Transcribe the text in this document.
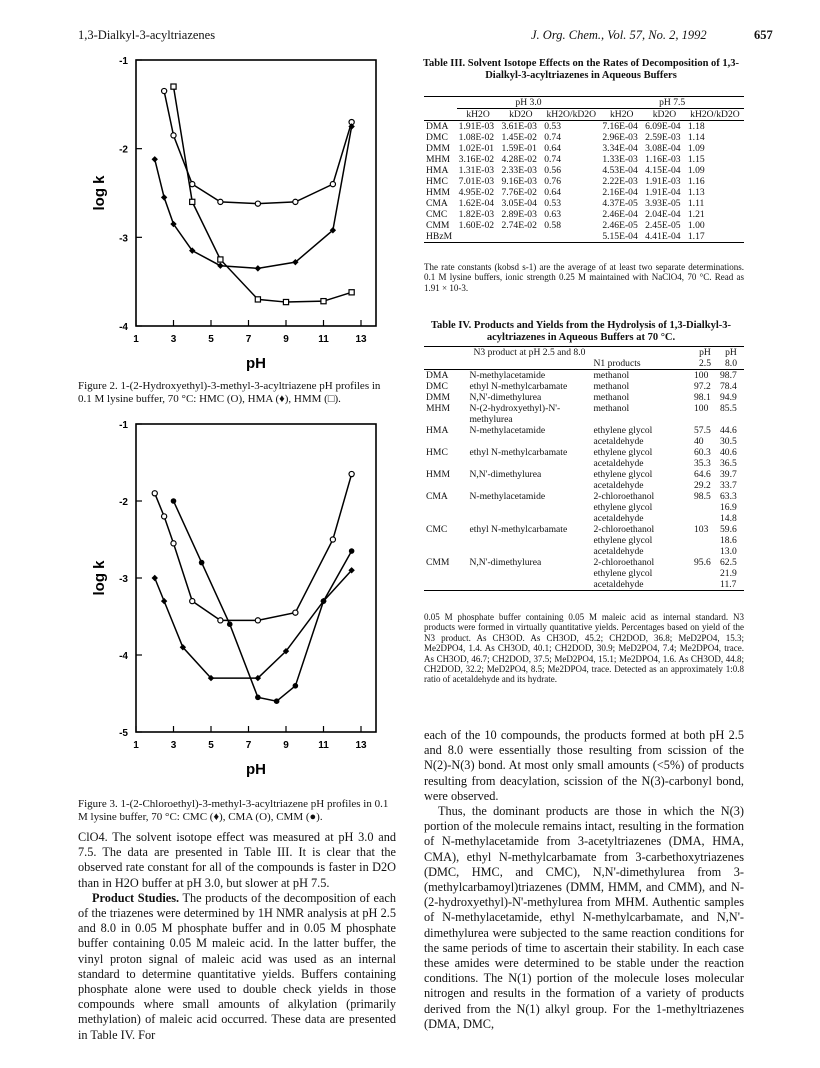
1,3-Dialkyl-3-acyltriazenes	J. Org. Chem., Vol. 57, No. 2, 1992	657
1	3	5	7	9	11	13
-1
-2
-3
-4
pH
log k
Figure 2. 1-(2-Hydroxyethyl)-3-methyl-3-acyltriazene pH profiles in 0.1 M lysine buffer, 70 °C: HMC (O), HMA (♦), HMM (□).
1	3	5	7	9	11	13
-1
-2
-3
-4
-5
pH
log k
Figure 3. 1-(2-Chloroethyl)-3-methyl-3-acyltriazene pH profiles in 0.1 M lysine buffer, 70 °C: CMC (♦), CMA (O), CMM (●).

ClO4. The solvent isotope effect was measured at pH 3.0 and 7.5. The data are presented in Table III. It is clear that the observed rate constant for all of the compounds is faster in D2O than in H2O buffer at pH 3.0, but slower at pH 7.5.

Product Studies. The products of the decomposition of each of the triazenes were determined by 1H NMR analysis at pH 2.5 and 8.0 in 0.05 M phosphate buffer and in 0.05 M phosphate buffer containing 0.05 M maleic acid. In the latter buffer, the vinyl proton signal of maleic acid was used as an internal standard to determine quantitative yields. Buffers containing phosphate alone were used to double check yields in those compounds where small amounts of alkylation (primarily methylation) of maleic acid occurred. These data are presented in Table IV. For

Table III. Solvent Isotope Effects on the Rates of Decomposition of 1,3-Dialkyl-3-acyltriazenes in Aqueous Buffers
	pH 3.0			pH 7.5		
	kH2O	kD2O	kH2O/kD2O	kH2O	kD2O	kH2O/kD2O
DMA	1.91E-03	3.61E-03	0.53	7.16E-04	6.09E-04	1.18
DMC	1.08E-02	1.45E-02	0.74	2.96E-03	2.59E-03	1.14
DMM	1.02E-01	1.59E-01	0.64	3.34E-04	3.08E-04	1.09
MHM	3.16E-02	4.28E-02	0.74	1.33E-03	1.16E-03	1.15
HMA	1.31E-03	2.33E-03	0.56	4.53E-04	4.15E-04	1.09
HMC	7.01E-03	9.16E-03	0.76	2.22E-03	1.91E-03	1.16
HMM	4.95E-02	7.76E-02	0.64	2.16E-04	1.91E-04	1.13
CMA	1.62E-04	3.05E-04	0.53	4.37E-05	3.93E-05	1.11
CMC	1.82E-03	2.89E-03	0.63	2.46E-04	2.04E-04	1.21
CMM	1.60E-02	2.74E-02	0.58	2.46E-05	2.45E-05	1.00
HBzM				5.15E-04	4.41E-04	1.17
The rate constants (kobsd s-1) are the average of at least two separate determinations. 0.1 M lysine buffers, ionic strength 0.25 M maintained with NaClO4, 70 °C. Read as 1.91 × 10-3.
Table IV. Products and Yields from the Hydrolysis of 1,3-Dialkyl-3-acyltriazenes in Aqueous Buffers at 70 °C.
	N3 product at pH 2.5 and 8.0	N1 products	pH 2.5	pH 8.0
DMA	N-methylacetamide	methanol	100	98.7
DMC	ethyl N-methylcarbamate	methanol	97.2	78.4
DMM	N,N'-dimethylurea	methanol	98.1	94.9
MHM	N-(2-hydroxyethyl)-N'-methylurea	methanol	100	85.5
HMA	N-methylacetamide	ethylene glycol	57.5	44.6
		acetaldehyde	40	30.5
HMC	ethyl N-methylcarbamate	ethylene glycol	60.3	40.6
		acetaldehyde	35.3	36.5
HMM	N,N'-dimethylurea	ethylene glycol	64.6	39.7
		acetaldehyde	29.2	33.7
CMA	N-methylacetamide	2-chloroethanol	98.5	63.3
		ethylene glycol		16.9
		acetaldehyde		14.8
CMC	ethyl N-methylcarbamate	2-chloroethanol	103	59.6
		ethylene glycol		18.6
		acetaldehyde		13.0
CMM	N,N'-dimethylurea	2-chloroethanol	95.6	62.5
		ethylene glycol		21.9
		acetaldehyde		11.7
0.05 M phosphate buffer containing 0.05 M maleic acid as internal standard. N3 products were formed in virtually quantitative yields. Percentages based on yield of the N3 product. As CH3OD. As CH3OD, 45.2; CH2DOD, 36.8; MeD2PO4, 15.3; Me2DPO4, 1.4. As CH3OD, 40.1; CH2DOD, 30.9; MeD2PO4, 7.4; Me2DPO4, trace. As CH3OD, 46.7; CH2DOD, 37.5; MeD2PO4, 15.1; Me2DPO4, 1.6. As CH3OD, 44.8; CH2DOD, 32.2; MeD2PO4, 8.5; Me2DPO4, trace. Detected as an approximately 1:0.8 ratio of acetaldehyde and its hydrate.

each of the 10 compounds, the products formed at both pH 2.5 and 8.0 were essentially those resulting from scission of the N(2)-N(3) bond. At most only small amounts (<5%) of products resulting from deacylation, scission of the N(3)-carbonyl bond, were observed.

Thus, the dominant products are those in which the N(3) portion of the molecule remains intact, resulting in the formation of N-methylacetamide from 3-acetyltriazenes (DMA, HMA, CMA), ethyl N-methylcarbamate from 3-carbethoxytriazenes (DMC, HMC, and CMC), N,N'-dimethylurea from 3-(methylcarbamoyl)triazenes (DMM, HMM, and CMM), and N-(2-hydroxyethyl)-N'-methylurea from MHM. Authentic samples of N-methylacetamide, ethyl N-methylcarbamate, and N,N'-dimethylurea were subjected to the same reaction conditions for the same periods of time to ascertain their stability. In each case these amides were determined to be stable under the reaction conditions. The N(1) portion of the molecule loses molecular nitrogen and results in the formation of a variety of products derived from the N(1) alkyl group. For the 1-methyltriazenes (DMA, DMC,
